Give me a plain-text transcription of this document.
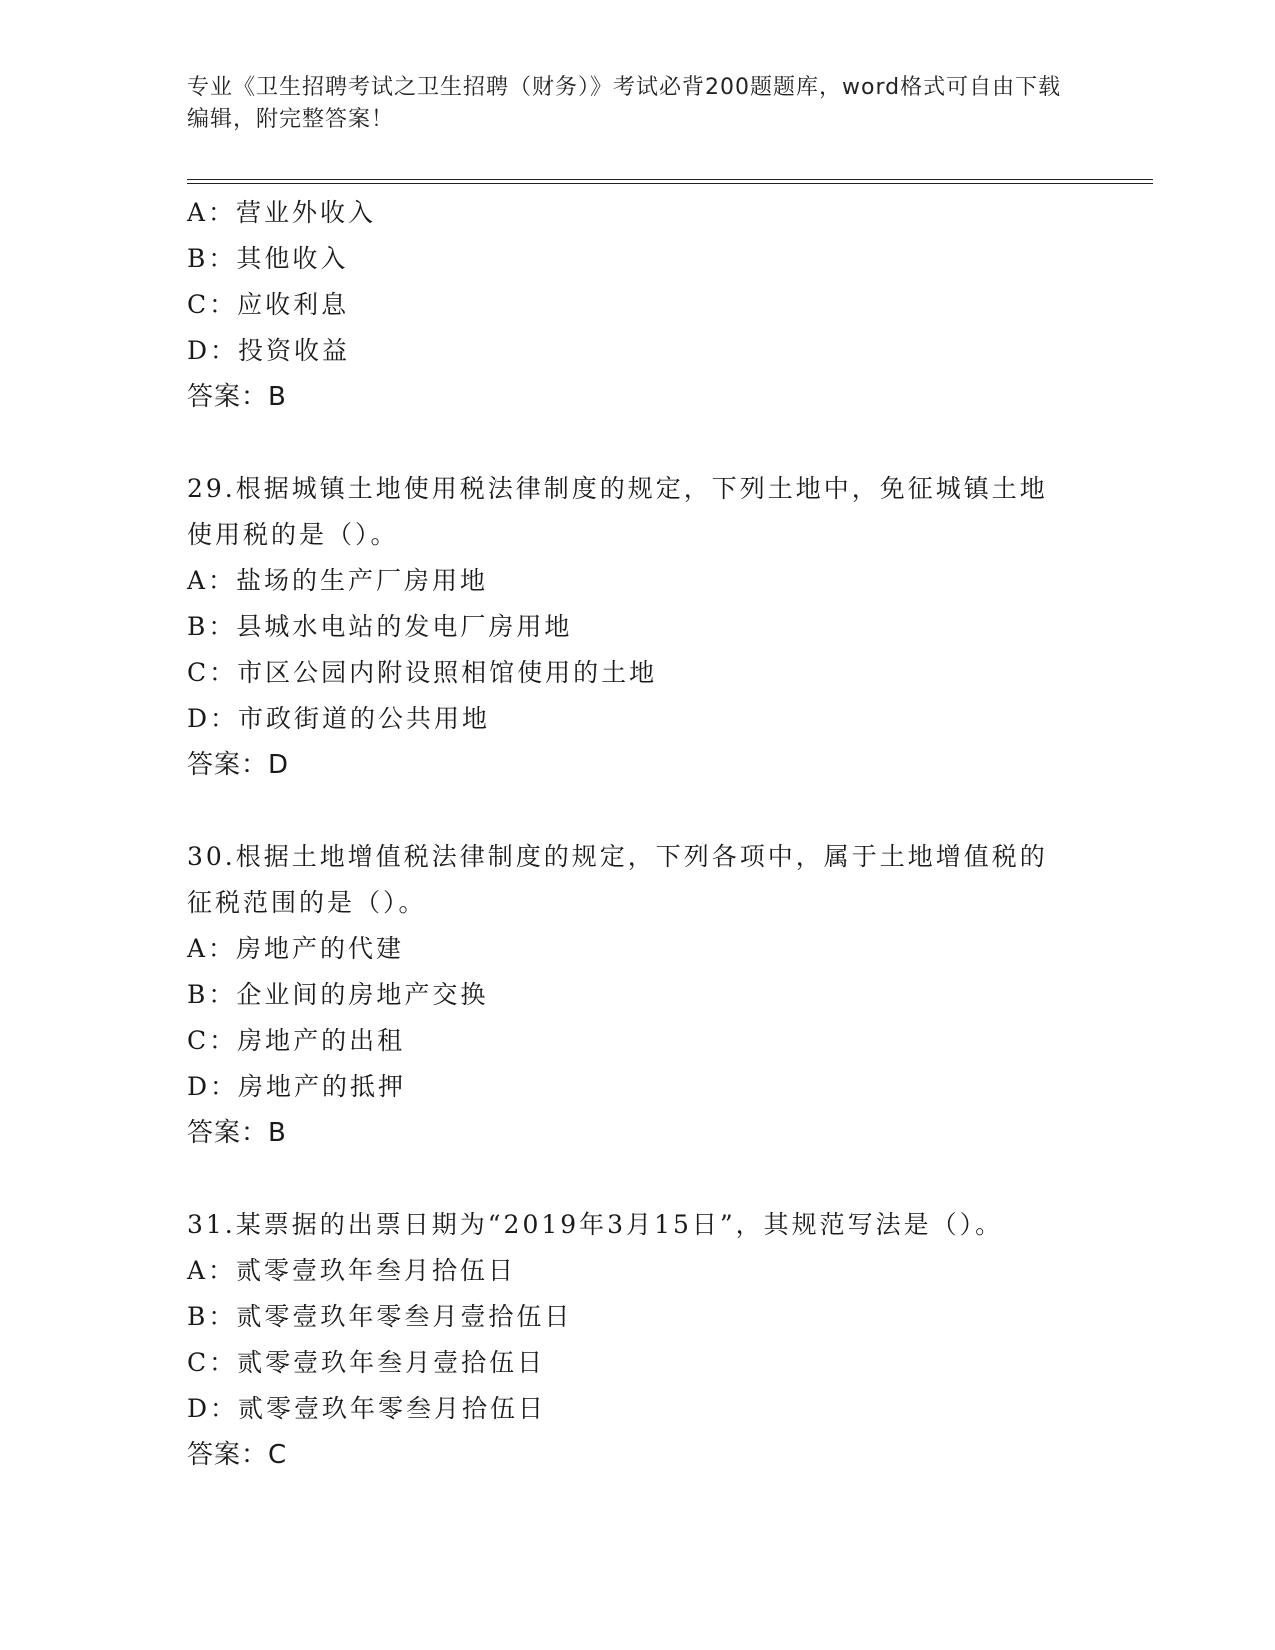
专业《卫生招聘考试之卫生招聘（财务）》考试必背200题题库，word格式可自由下载编辑，附完整答案！
A：营业外收入
B：其他收入
C：应收利息
D：投资收益
答案：B
29.根据城镇土地使用税法律制度的规定，下列土地中，免征城镇土地
使用税的是（）。
A：盐场的生产厂房用地
B：县城水电站的发电厂房用地
C：市区公园内附设照相馆使用的土地
D：市政街道的公共用地
答案：D
30.根据土地增值税法律制度的规定，下列各项中，属于土地增值税的
征税范围的是（）。
A：房地产的代建
B：企业间的房地产交换
C：房地产的出租
D：房地产的抵押
答案：B
31.某票据的出票日期为“2019年3月15日”，其规范写法是（）。
A：贰零壹玖年叁月拾伍日
B：贰零壹玖年零叁月壹拾伍日
C：贰零壹玖年叁月壹拾伍日
D：贰零壹玖年零叁月拾伍日
答案：C
